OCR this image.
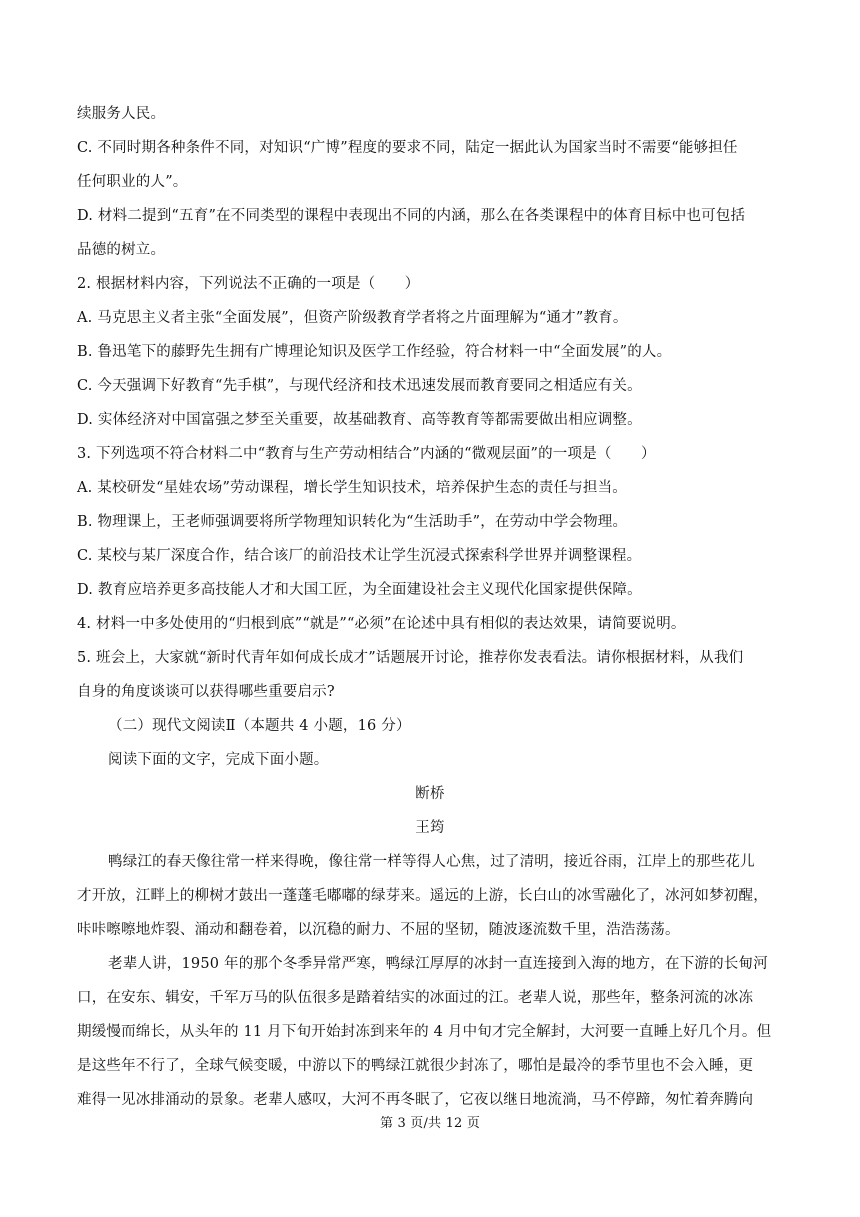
续服务人民。
C. 不同时期各种条件不同，对知识“广博”程度的要求不同，陆定一据此认为国家当时不需要“能够担任
任何职业的人”。
D. 材料二提到“五育”在不同类型的课程中表现出不同的内涵，那么在各类课程中的体育目标中也可包括
品德的树立。
2. 根据材料内容，下列说法不正确的一项是（　　）
A. 马克思主义者主张“全面发展”，但资产阶级教育学者将之片面理解为“通才”教育。
B. 鲁迅笔下的藤野先生拥有广博理论知识及医学工作经验，符合材料一中“全面发展”的人。
C. 今天强调下好教育“先手棋”，与现代经济和技术迅速发展而教育要同之相适应有关。
D. 实体经济对中国富强之梦至关重要，故基础教育、高等教育等都需要做出相应调整。
3. 下列选项不符合材料二中“教育与生产劳动相结合”内涵的“微观层面”的一项是（　　）
A. 某校研发“星娃农场”劳动课程，增长学生知识技术，培养保护生态的责任与担当。
B. 物理课上，王老师强调要将所学物理知识转化为“生活助手”，在劳动中学会物理。
C. 某校与某厂深度合作，结合该厂的前沿技术让学生沉浸式探索科学世界并调整课程。
D. 教育应培养更多高技能人才和大国工匠，为全面建设社会主义现代化国家提供保障。
4. 材料一中多处使用的“归根到底”“就是”“必须”在论述中具有相似的表达效果，请简要说明。
5. 班会上，大家就“新时代青年如何成长成才”话题展开讨论，推荐你发表看法。请你根据材料，从我们
自身的角度谈谈可以获得哪些重要启示?
（二）现代文阅读Ⅱ（本题共 4 小题，16 分）
阅读下面的文字，完成下面小题。
断桥
王筠
鸭绿江的春天像往常一样来得晚，像往常一样等得人心焦，过了清明，接近谷雨，江岸上的那些花儿
才开放，江畔上的柳树才鼓出一蓬蓬毛嘟嘟的绿芽来。遥远的上游，长白山的冰雪融化了，冰河如梦初醒，
咔咔嚓嚓地炸裂、涌动和翻卷着，以沉稳的耐力、不屈的坚韧，随波逐流数千里，浩浩荡荡。
老辈人讲，1950 年的那个冬季异常严寒，鸭绿江厚厚的冰封一直连接到入海的地方，在下游的长甸河
口，在安东、辑安，千军万马的队伍很多是踏着结实的冰面过的江。老辈人说，那些年，整条河流的冰冻
期缓慢而绵长，从头年的 11 月下旬开始封冻到来年的 4 月中旬才完全解封，大河要一直睡上好几个月。但
是这些年不行了，全球气候变暖，中游以下的鸭绿江就很少封冻了，哪怕是最冷的季节里也不会入睡，更
难得一见冰排涌动的景象。老辈人感叹，大河不再冬眠了，它夜以继日地流淌，马不停蹄，匆忙着奔腾向
第 3 页/共 12 页
